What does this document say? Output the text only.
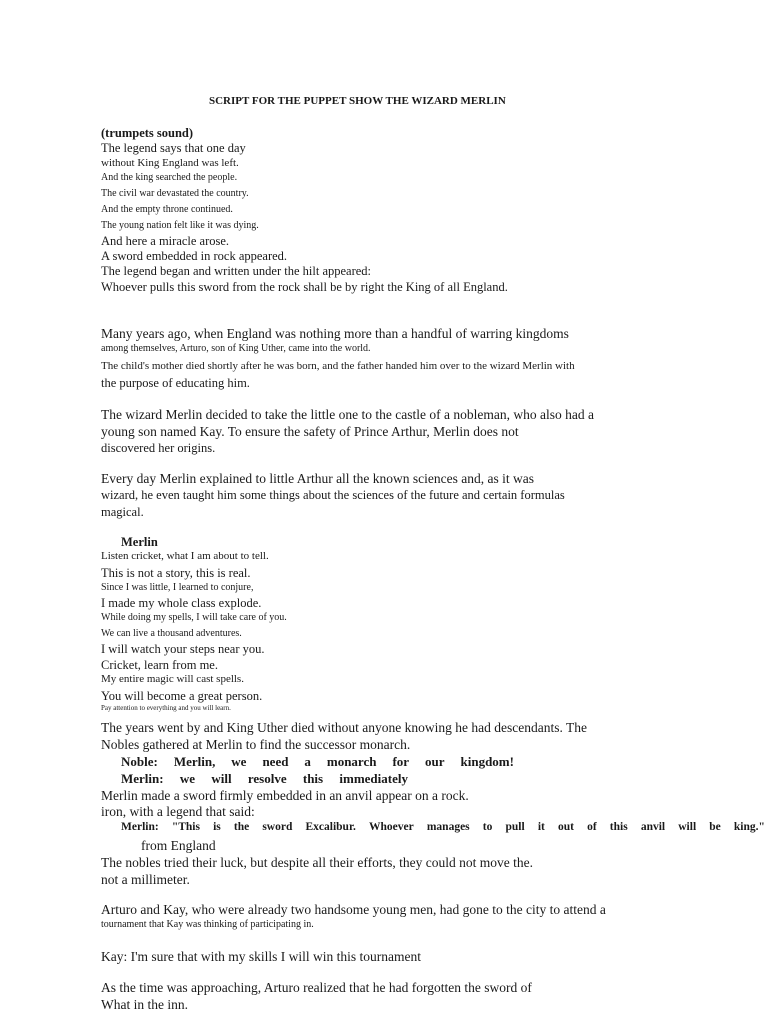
SCRIPT FOR THE PUPPET SHOW THE WIZARD MERLIN
(trumpets sound)
The legend says that one day
without King England was left.
And the king searched the people.
The civil war devastated the country.
And the empty throne continued.
The young nation felt like it was dying.
And here a miracle arose.
A sword embedded in rock appeared.
The legend began and written under the hilt appeared:
Whoever pulls this sword from the rock shall be by right the King of all England.
Many years ago, when England was nothing more than a handful of warring kingdoms
among themselves, Arturo, son of King Uther, came into the world.
The child's mother died shortly after he was born, and the father handed him over to the wizard Merlin with
the purpose of educating him.
The wizard Merlin decided to take the little one to the castle of a nobleman, who also had a
young son named Kay. To ensure the safety of Prince Arthur, Merlin does not
discovered her origins.
Every day Merlin explained to little Arthur all the known sciences and, as it was
wizard, he even taught him some things about the sciences of the future and certain formulas
magical.
Merlin
Listen cricket, what I am about to tell.
This is not a story, this is real.
Since I was little, I learned to conjure,
I made my whole class explode.
While doing my spells, I will take care of you.
We can live a thousand adventures.
I will watch your steps near you.
Cricket, learn from me.
My entire magic will cast spells.
You will become a great person.
Pay attention to everything and you will learn.
The years went by and King Uther died without anyone knowing he had descendants. The
Nobles gathered at Merlin to find the successor monarch.
Noble: Merlin, we need a monarch for our kingdom!
Merlin: we will resolve this immediately
Merlin made a sword firmly embedded in an anvil appear on a rock.
iron, with a legend that said:
Merlin: "This is the sword Excalibur. Whoever manages to pull it out of this anvil will be king."
from England
The nobles tried their luck, but despite all their efforts, they could not move the.
not a millimeter.
Arturo and Kay, who were already two handsome young men, had gone to the city to attend a
tournament that Kay was thinking of participating in.
Kay: I'm sure that with my skills I will win this tournament
As the time was approaching, Arturo realized that he had forgotten the sword of
What in the inn.
